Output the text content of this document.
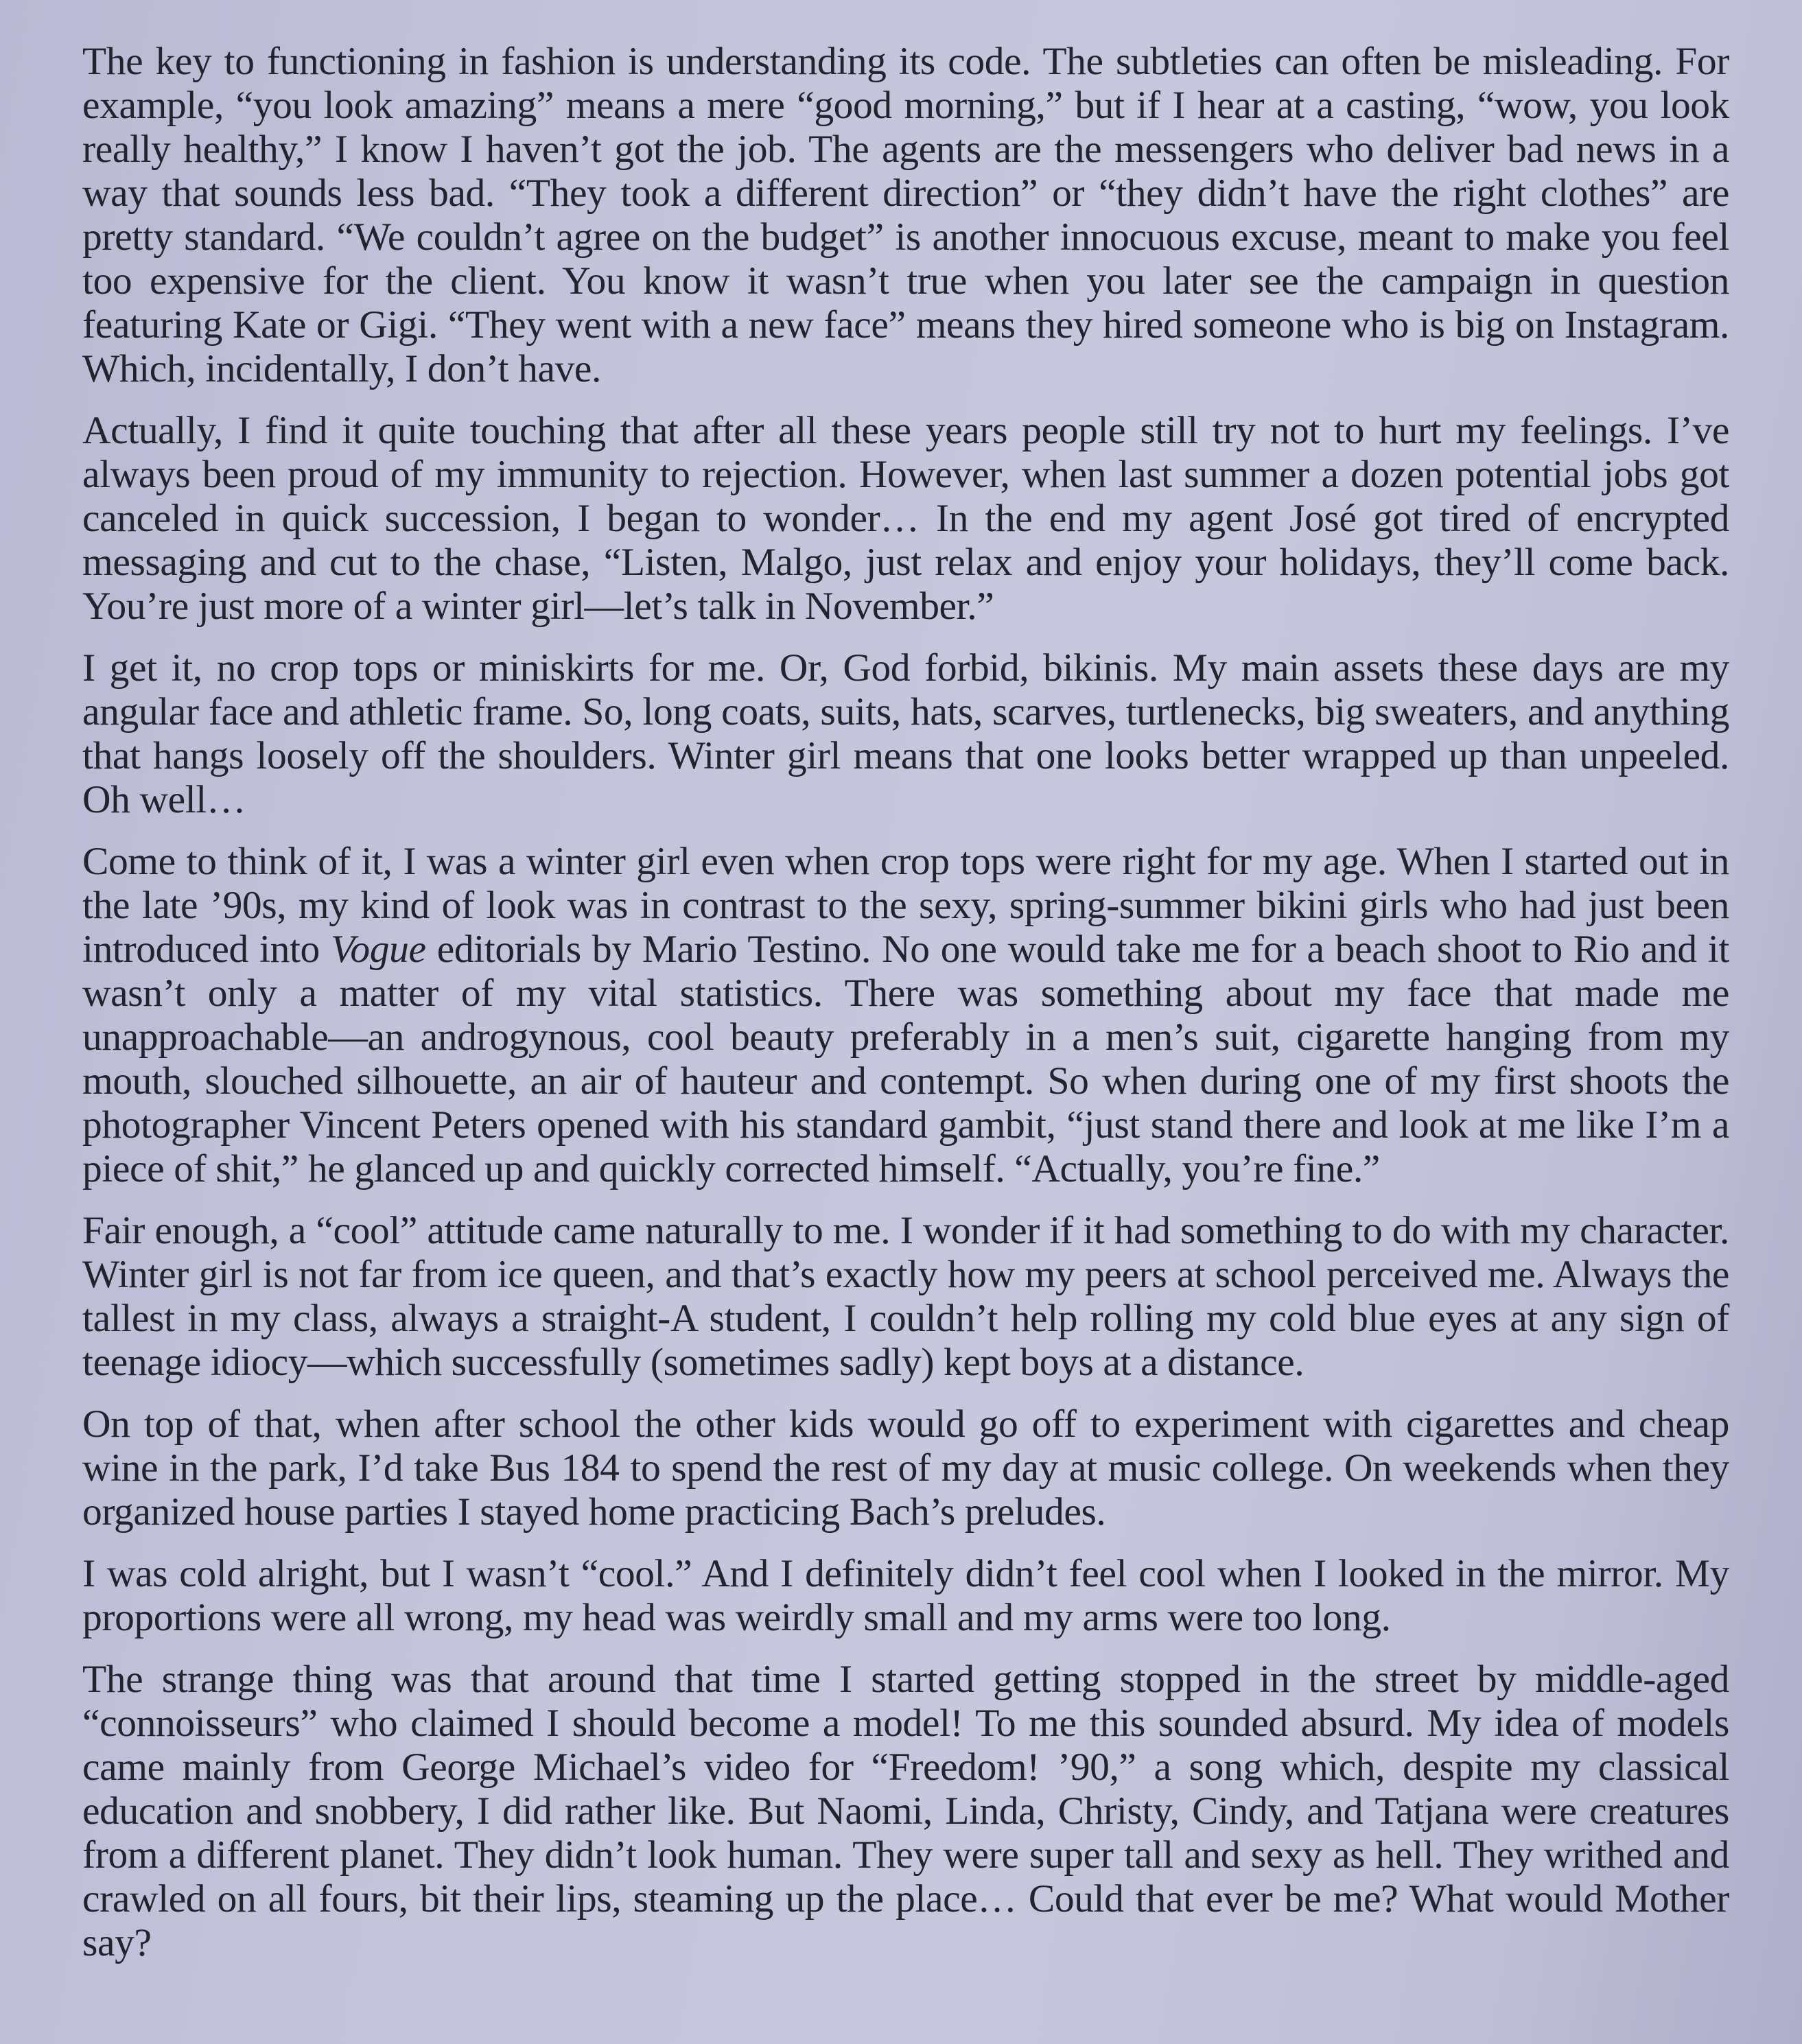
The key to functioning in fashion is understanding its code. The subtleties can often be misleading. For example, “you look amazing” means a mere “good morning,” but if I hear at a casting, “wow, you look really healthy,” I know I haven’t got the job. The agents are the messengers who deliver bad news in a way that sounds less bad. “They took a different direction” or “they didn’t have the right clothes” are pretty standard. “We couldn’t agree on the budget” is another innocuous excuse, meant to make you feel too expensive for the client. You know it wasn’t true when you later see the campaign in question featuring Kate or Gigi. “They went with a new face” means they hired someone who is big on Instagram. Which, incidentally, I don’t have.

Actually, I find it quite touching that after all these years people still try not to hurt my feelings. I’ve always been proud of my immunity to rejection. However, when last summer a dozen potential jobs got canceled in quick succession, I began to wonder… In the end my agent José got tired of encrypted messaging and cut to the chase, “Listen, Malgo, just relax and enjoy your holidays, they’ll come back. You’re just more of a winter girl—let’s talk in November.”

I get it, no crop tops or miniskirts for me. Or, God forbid, bikinis. My main assets these days are my angular face and athletic frame. So, long coats, suits, hats, scarves, turtlenecks, big sweaters, and anything that hangs loosely off the shoulders. Winter girl means that one looks better wrapped up than unpeeled. Oh well…

Come to think of it, I was a winter girl even when crop tops were right for my age. When I started out in the late ’90s, my kind of look was in contrast to the sexy, spring-summer bikini girls who had just been introduced into Vogue editorials by Mario Testino. No one would take me for a beach shoot to Rio and it wasn’t only a matter of my vital statistics. There was something about my face that made me unapproachable—an androgynous, cool beauty preferably in a men’s suit, cigarette hanging from my mouth, slouched silhouette, an air of hauteur and contempt. So when during one of my first shoots the photographer Vincent Peters opened with his standard gambit, “just stand there and look at me like I’m a piece of shit,” he glanced up and quickly corrected himself. “Actually, you’re fine.”

Fair enough, a “cool” attitude came naturally to me. I wonder if it had something to do with my character. Winter girl is not far from ice queen, and that’s exactly how my peers at school perceived me. Always the tallest in my class, always a straight-A student, I couldn’t help rolling my cold blue eyes at any sign of teenage idiocy—which successfully (sometimes sadly) kept boys at a distance.

On top of that, when after school the other kids would go off to experiment with cigarettes and cheap wine in the park, I’d take Bus 184 to spend the rest of my day at music college. On weekends when they organized house parties I stayed home practicing Bach’s preludes.

I was cold alright, but I wasn’t “cool.” And I definitely didn’t feel cool when I looked in the mirror. My proportions were all wrong, my head was weirdly small and my arms were too long.

The strange thing was that around that time I started getting stopped in the street by middle-aged “connoisseurs” who claimed I should become a model! To me this sounded absurd. My idea of models came mainly from George Michael’s video for “Freedom! ’90,” a song which, despite my classical education and snobbery, I did rather like. But Naomi, Linda, Christy, Cindy, and Tatjana were creatures from a different planet. They didn’t look human. They were super tall and sexy as hell. They writhed and crawled on all fours, bit their lips, steaming up the place… Could that ever be me? What would Mother say?
